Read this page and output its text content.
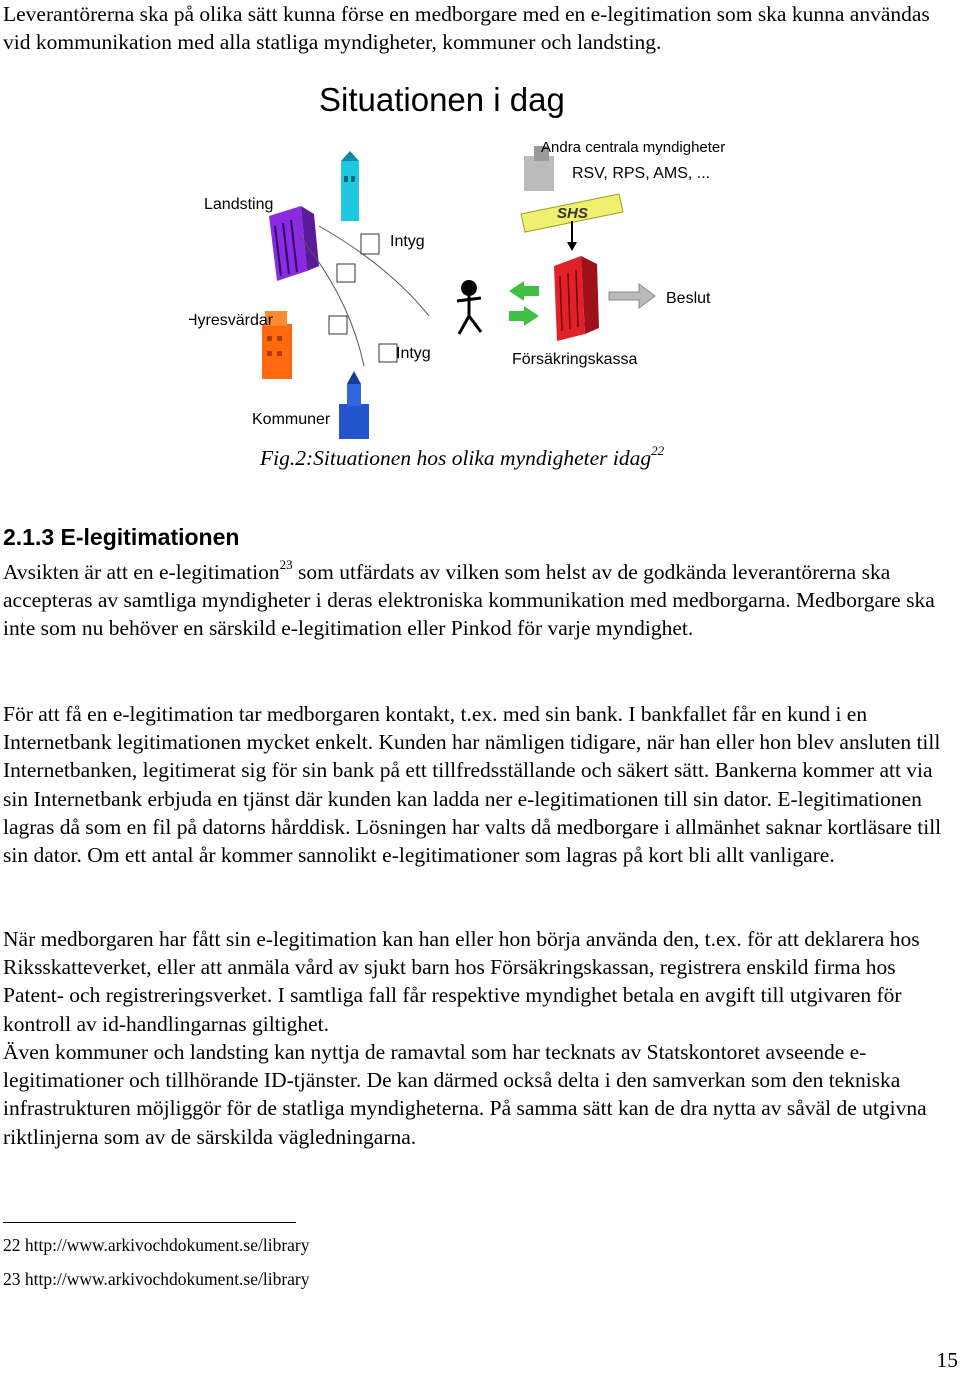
Leverantörerna ska på olika sätt kunna förse en medborgare med en e-legitimation som ska kunna användas vid kommunikation med alla statliga myndigheter, kommuner och landsting.

Situationen i dag
Landsting
Hyresvärdar
Kommuner
Intyg
Intyg
Andra centrala myndigheter
RSV, RPS, AMS, ...
SHS
Försäkringskassa
Beslut
Fig.2:Situationen hos olika myndigheter idag$^{22}$
2.1.3 E-legitimationen

Avsikten är att en e-legitimation$^{23}$ som utfärdats av vilken som helst av de godkända leverantörerna ska accepteras av samtliga myndigheter i deras elektroniska kommunikation med medborgarna. Medborgare ska inte som nu behöver en särskild e-legitimation eller Pinkod för varje myndighet.

För att få en e-legitimation tar medborgaren kontakt, t.ex. med sin bank. I bankfallet får en kund i en Internetbank legitimationen mycket enkelt. Kunden har nämligen tidigare, när han eller hon blev ansluten till Internetbanken, legitimerat sig för sin bank på ett tillfredsställande och säkert sätt. Bankerna kommer att via sin Internetbank erbjuda en tjänst där kunden kan ladda ner e-legitimationen till sin dator. E-legitimationen lagras då som en fil på datorns hårddisk. Lösningen har valts då medborgare i allmänhet saknar kortläsare till sin dator. Om ett antal år kommer sannolikt e-legitimationer som lagras på kort bli allt vanligare.

När medborgaren har fått sin e-legitimation kan han eller hon börja använda den, t.ex. för att deklarera hos Riksskatteverket, eller att anmäla vård av sjukt barn hos Försäkringskassan, registrera enskild firma hos Patent- och registreringsverket. I samtliga fall får respektive myndighet betala en avgift till utgivaren för kontroll av id-handlingarnas giltighet.

Även kommuner och landsting kan nyttja de ramavtal som har tecknats av Statskontoret avseende e-legitimationer och tillhörande ID-tjänster. De kan därmed också delta i den samverkan som den tekniska infrastrukturen möjliggör för de statliga myndigheterna. På samma sätt kan de dra nytta av såväl de utgivna riktlinjerna som av de särskilda vägledningarna.

22 http://www.arkivochdokument.se/library
23 http://www.arkivochdokument.se/library
15
